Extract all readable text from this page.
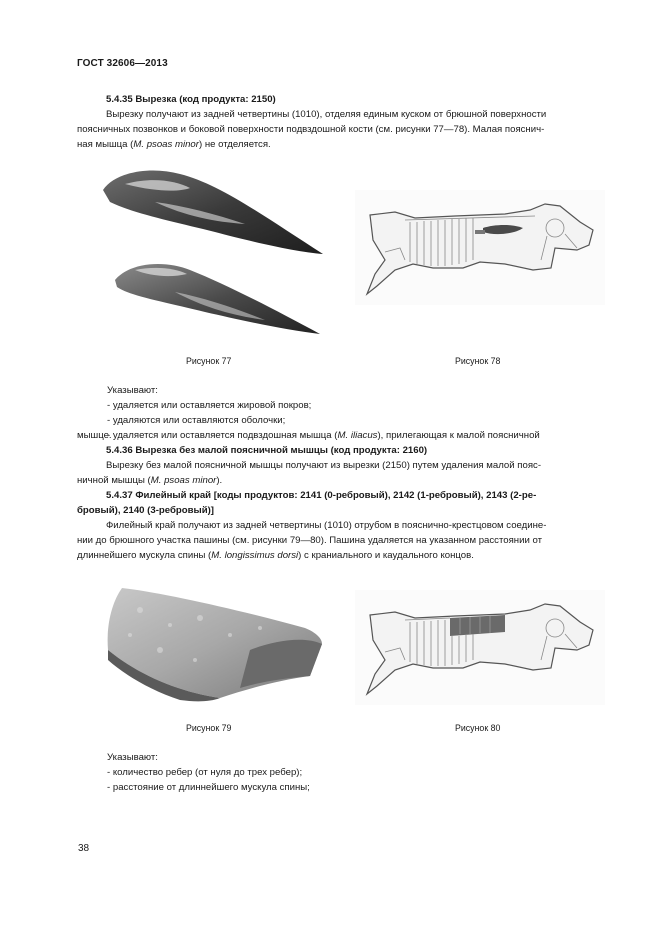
ГОСТ 32606—2013
5.4.35 Вырезка (код продукта: 2150)
Вырезку получают из задней четвертины (1010), отделяя единым куском от брюшной поверхности
поясничных позвонков и боковой поверхности подвздошной кости (см. рисунки 77—78). Малая пояснич-
ная мышца (M. psoas minor) не отделяется.
Рисунок 77	Рисунок 78
Указывают:
- удаляется или оставляется жировой покров;
- удаляются или оставляются оболочки;
- удаляется или оставляется подвздошная мышца (M. iliacus), прилегающая к малой поясничной
мышце.
5.4.36 Вырезка без малой поясничной мышцы (код продукта: 2160)
Вырезку без малой поясничной мышцы получают из вырезки (2150) путем удаления малой пояс-
ничной мышцы (M. psoas minor).
5.4.37 Филейный край [коды продуктов: 2141 (0-ребровый), 2142 (1-ребровый), 2143 (2-ре-
бровый), 2140 (3-ребровый)]
Филейный край получают из задней четвертины (1010) отрубом в пояснично-крестцовом соедине-
нии до брюшного участка пашины (см. рисунки 79—80). Пашина удаляется на указанном расстоянии от
длиннейшего мускула спины (M. longissimus dorsi) с краниального и каудального концов.
Рисунок 79	Рисунок 80
Указывают:
- количество ребер (от нуля до трех ребер);
- расстояние от длиннейшего мускула спины;
38
